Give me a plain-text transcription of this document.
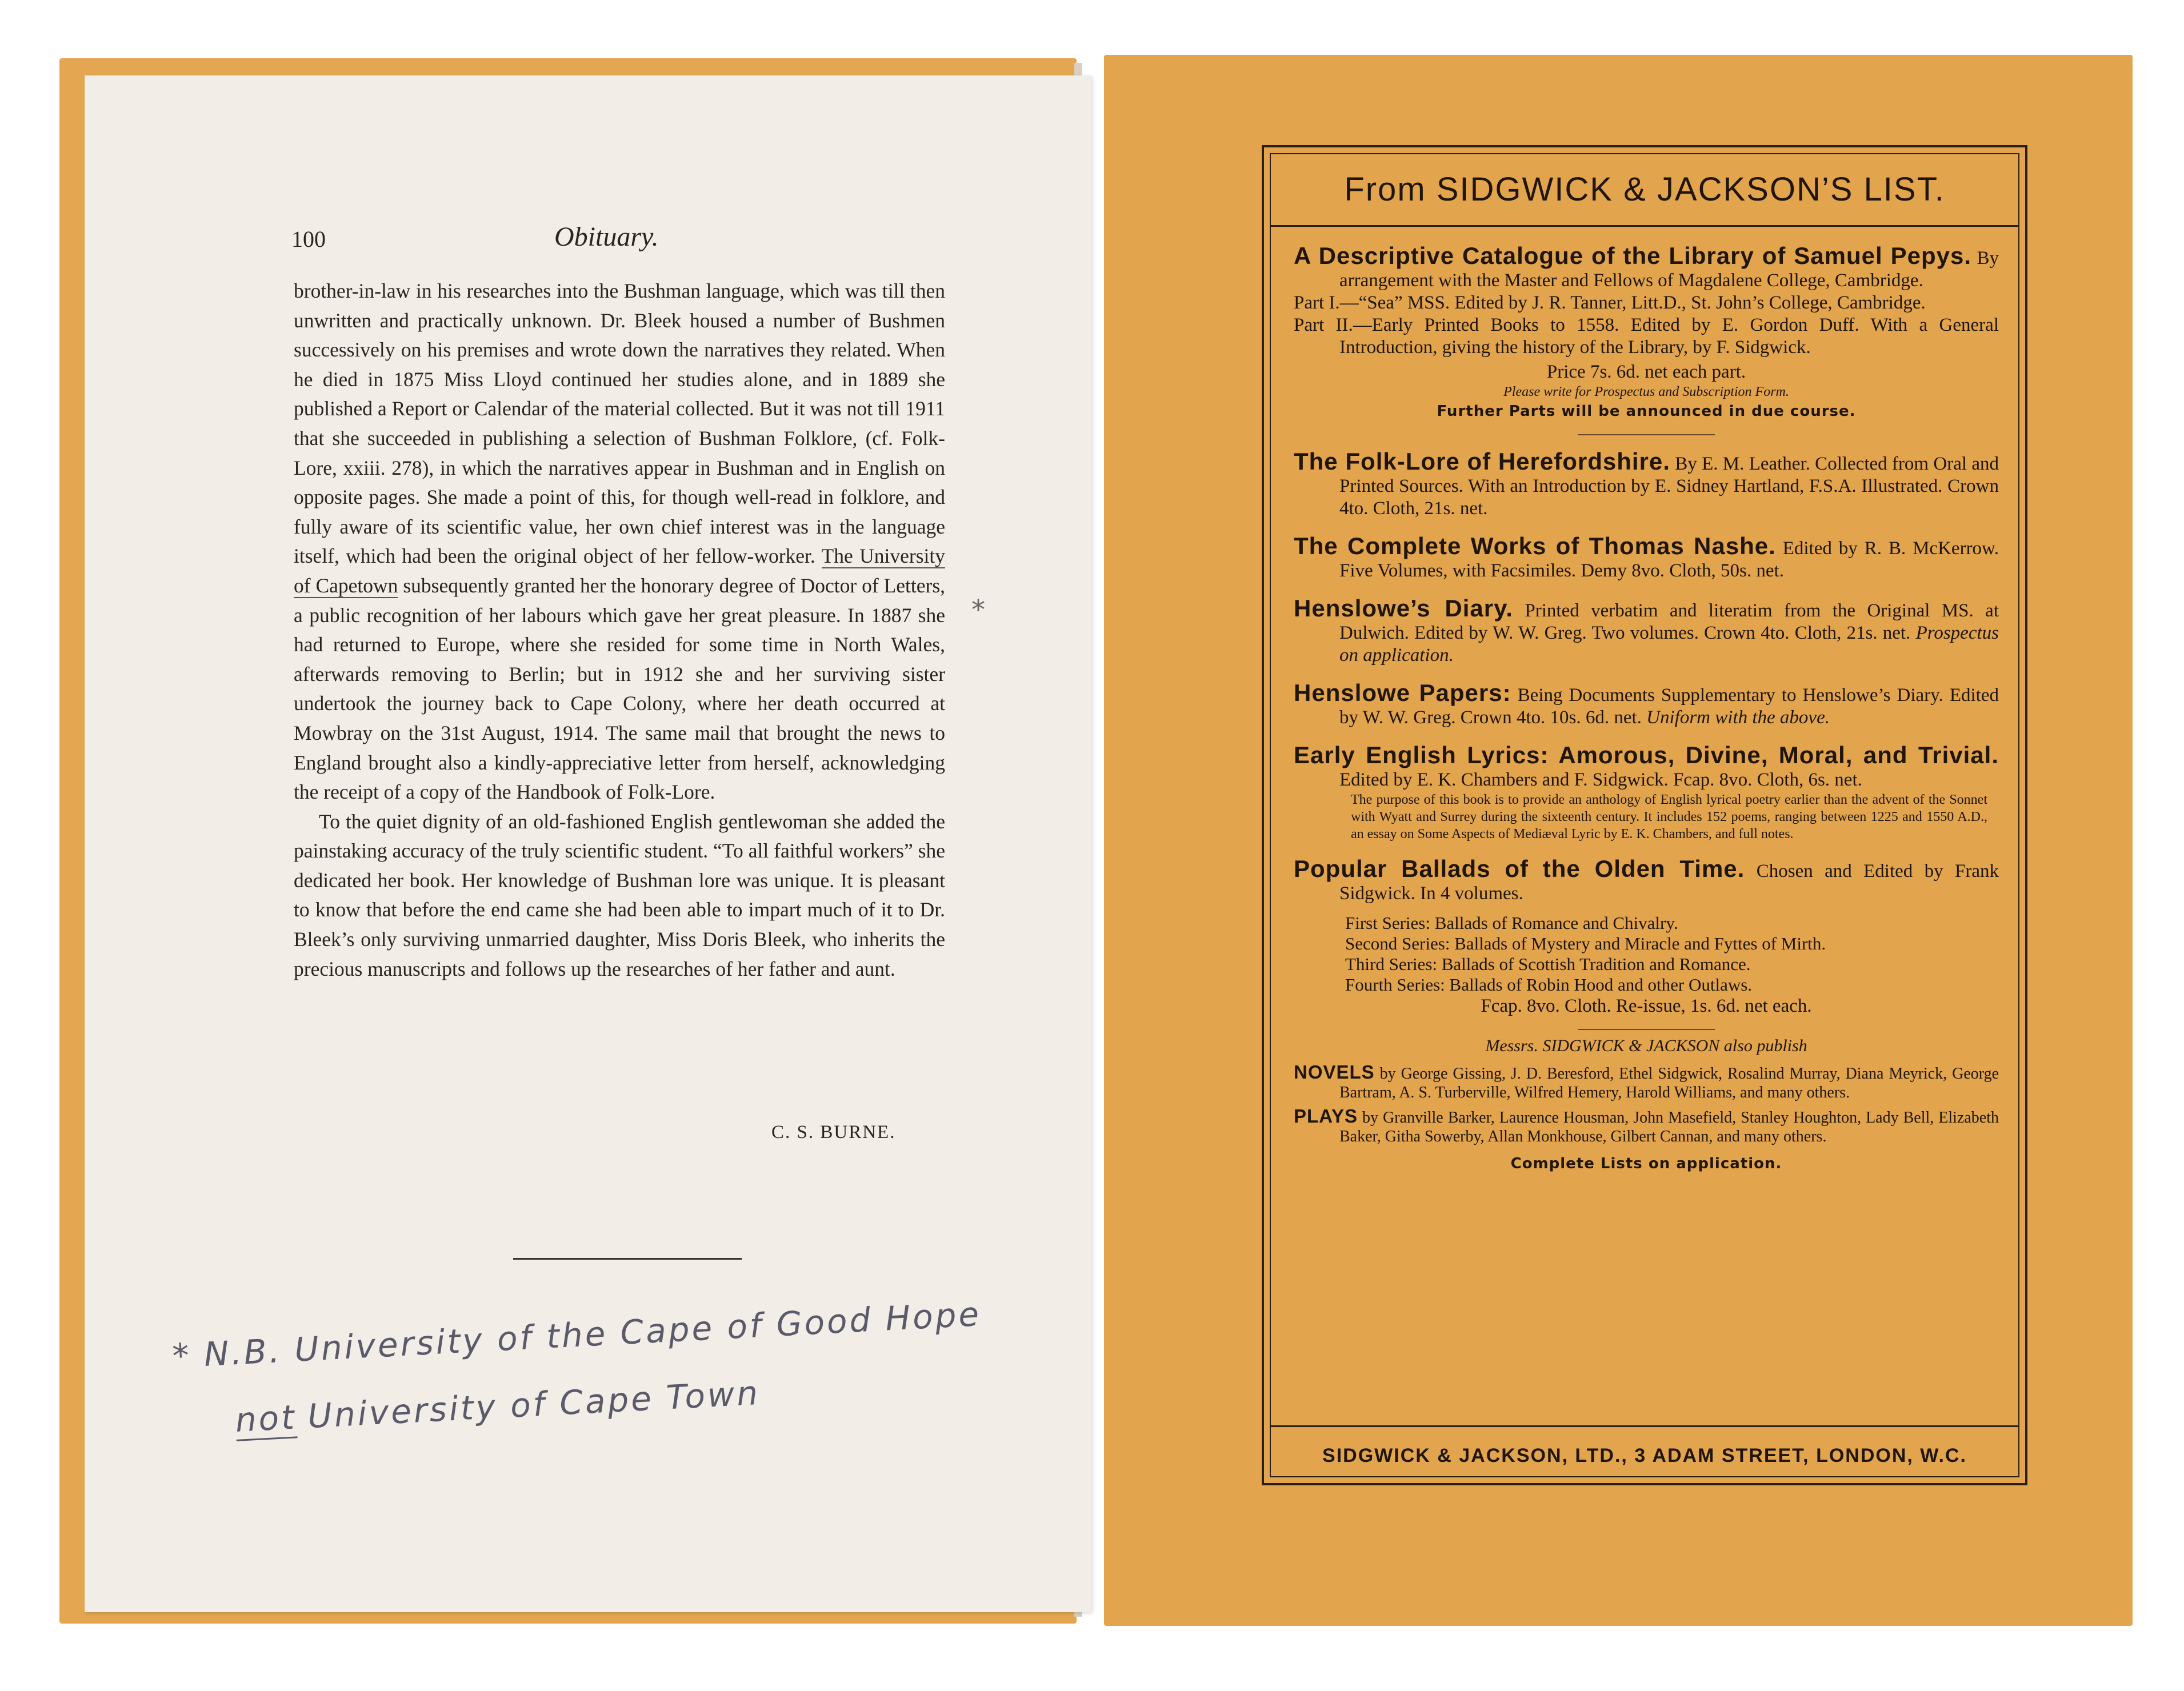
100	Obituary.

brother-in-law in his researches into the Bushman language, which was till then unwritten and practically unknown. Dr. Bleek housed a number of Bushmen successively on his premises and wrote down the narratives they related. When he died in 1875 Miss Lloyd continued her studies alone, and in 1889 she published a Report or Calendar of the material collected. But it was not till 1911 that she succeeded in publishing a selection of Bushman Folklore, (cf. Folk-Lore, xxiii. 278), in which the narratives appear in Bushman and in English on opposite pages. She made a point of this, for though well-read in folklore, and fully aware of its scientific value, her own chief interest was in the language itself, which had been the original object of her fellow-worker. The University of Capetown subsequently granted her the honorary degree of Doctor of Letters, a public recognition of her labours which gave her great pleasure. In 1887 she had returned to Europe, where she resided for some time in North Wales, afterwards removing to Berlin; but in 1912 she and her surviving sister undertook the journey back to Cape Colony, where her death occurred at Mowbray on the 31st August, 1914. The same mail that brought the news to England brought also a kindly-appreciative letter from herself, acknowledging the receipt of a copy of the Handbook of Folk-Lore.

To the quiet dignity of an old-fashioned English gentlewoman she added the painstaking accuracy of the truly scientific student. “To all faithful workers” she dedicated her book. Her knowledge of Bushman lore was unique. It is pleasant to know that before the end came she had been able to impart much of it to Dr. Bleek’s only surviving unmarried daughter, Miss Doris Bleek, who inherits the precious manuscripts and follows up the researches of her father and aunt.

C. S. BURNE.
*
* N.B. University of the Cape of Good Hope
not University of Cape Town
From SIDGWICK & JACKSON’S LIST.
A Descriptive Catalogue of the Library of Samuel Pepys. By arrangement with the Master and Fellows of Magdalene College, Cambridge.
Part I.—“Sea” MSS. Edited by J. R. Tanner, Litt.D., St. John’s College, Cambridge.
Part II.—Early Printed Books to 1558. Edited by E. Gordon Duff. With a General Introduction, giving the history of the Library, by F. Sidgwick.
Price 7s. 6d. net each part.
Please write for Prospectus and Subscription Form.
Further Parts will be announced in due course.
The Folk-Lore of Herefordshire. By E. M. Leather. Collected from Oral and Printed Sources. With an Introduction by E. Sidney Hartland, F.S.A. Illustrated. Crown 4to. Cloth, 21s. net.
The Complete Works of Thomas Nashe. Edited by R. B. McKerrow. Five Volumes, with Facsimiles. Demy 8vo. Cloth, 50s. net.
Henslowe’s Diary. Printed verbatim and literatim from the Original MS. at Dulwich. Edited by W. W. Greg. Two volumes. Crown 4to. Cloth, 21s. net. Prospectus on application.
Henslowe Papers: Being Documents Supplementary to Henslowe’s Diary. Edited by W. W. Greg. Crown 4to. 10s. 6d. net. Uniform with the above.
Early English Lyrics: Amorous, Divine, Moral, and Trivial. Edited by E. K. Chambers and F. Sidgwick. Fcap. 8vo. Cloth, 6s. net.
The purpose of this book is to provide an anthology of English lyrical poetry earlier than the advent of the Sonnet with Wyatt and Surrey during the sixteenth century. It includes 152 poems, ranging between 1225 and 1550 A.D., an essay on Some Aspects of Mediæval Lyric by E. K. Chambers, and full notes.
Popular Ballads of the Olden Time. Chosen and Edited by Frank Sidgwick. In 4 volumes.
First Series: Ballads of Romance and Chivalry.
Second Series: Ballads of Mystery and Miracle and Fyttes of Mirth.
Third Series: Ballads of Scottish Tradition and Romance.
Fourth Series: Ballads of Robin Hood and other Outlaws.
Fcap. 8vo. Cloth. Re-issue, 1s. 6d. net each.
Messrs. SIDGWICK & JACKSON also publish
NOVELS by George Gissing, J. D. Beresford, Ethel Sidgwick, Rosalind Murray, Diana Meyrick, George Bartram, A. S. Turberville, Wilfred Hemery, Harold Williams, and many others.
PLAYS by Granville Barker, Laurence Housman, John Masefield, Stanley Houghton, Lady Bell, Elizabeth Baker, Githa Sowerby, Allan Monkhouse, Gilbert Cannan, and many others.
Complete Lists on application.
SIDGWICK & JACKSON, LTD., 3 ADAM STREET, LONDON, W.C.
